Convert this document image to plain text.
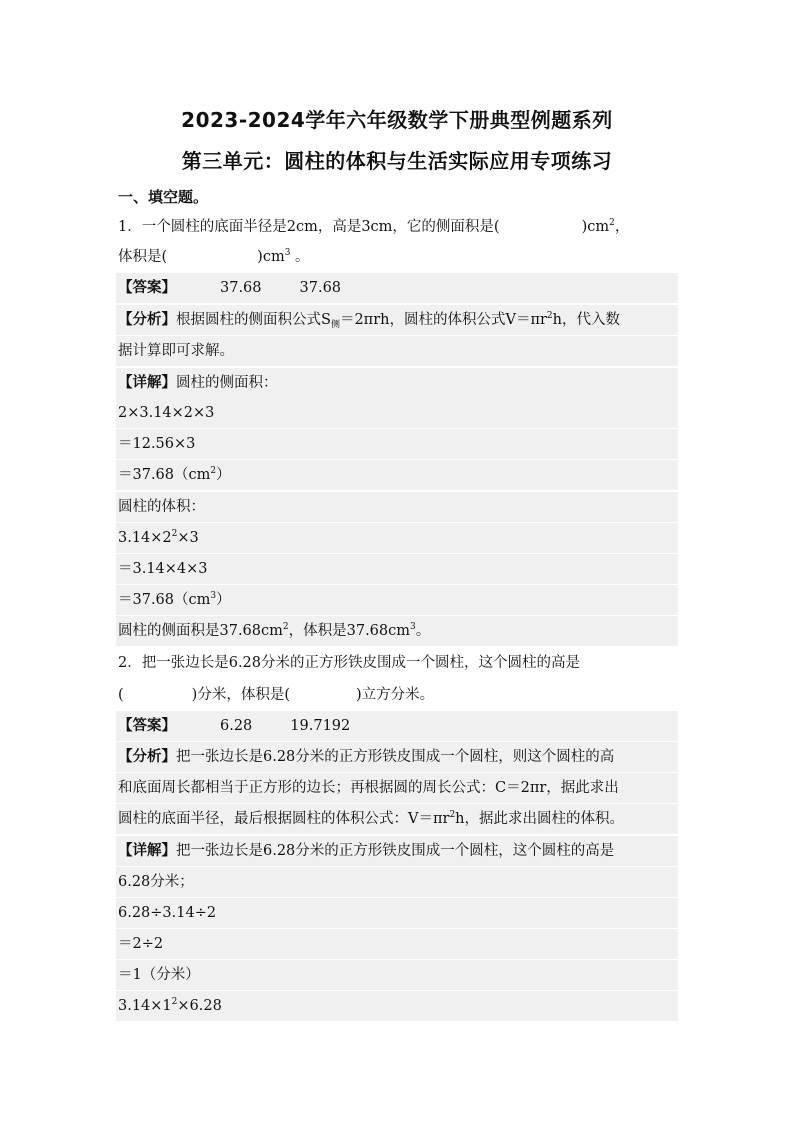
2023-2024学年六年级数学下册典型例题系列
第三单元：圆柱的体积与生活实际应用专项练习
一、填空题。
1．一个圆柱的底面半径是2cm，高是3cm，它的侧面积是(	)$cm^2$，
体积是(	)$cm^3$ 。
【答案】	37.68	37.68
【分析】根据圆柱的侧面积公式$S_侧=2\pi rh$，圆柱的体积公式$V=\pi r^2h$，代入数
据计算即可求解。
【详解】圆柱的侧面积：
2×3.14×2×3
＝12.56×3
$=37.68(cm^2)$
圆柱的体积：
$3.14\times 2^2\times 3$
＝3.14×4×3
$=37.68(cm^3)$
圆柱的侧面积是$37.68cm^2$，体积是$37.68cm^3$。
2．把一张边长是6.28分米的正方形铁皮围成一个圆柱，这个圆柱的高是
(	)分米，体积是(	)立方分米。
【答案】	6.28	19.7192
【分析】把一张边长是6.28分米的正方形铁皮围成一个圆柱，则这个圆柱的高
和底面周长都相当于正方形的边长；再根据圆的周长公式：C＝2πr，据此求出
圆柱的底面半径，最后根据圆柱的体积公式：$V=\pi r^2h$，据此求出圆柱的体积。
【详解】把一张边长是6.28分米的正方形铁皮围成一个圆柱，这个圆柱的高是
6.28分米；
6.28÷3.14÷2
＝2÷2
＝1（分米）
$3.14\times 1^2\times 6.28$
